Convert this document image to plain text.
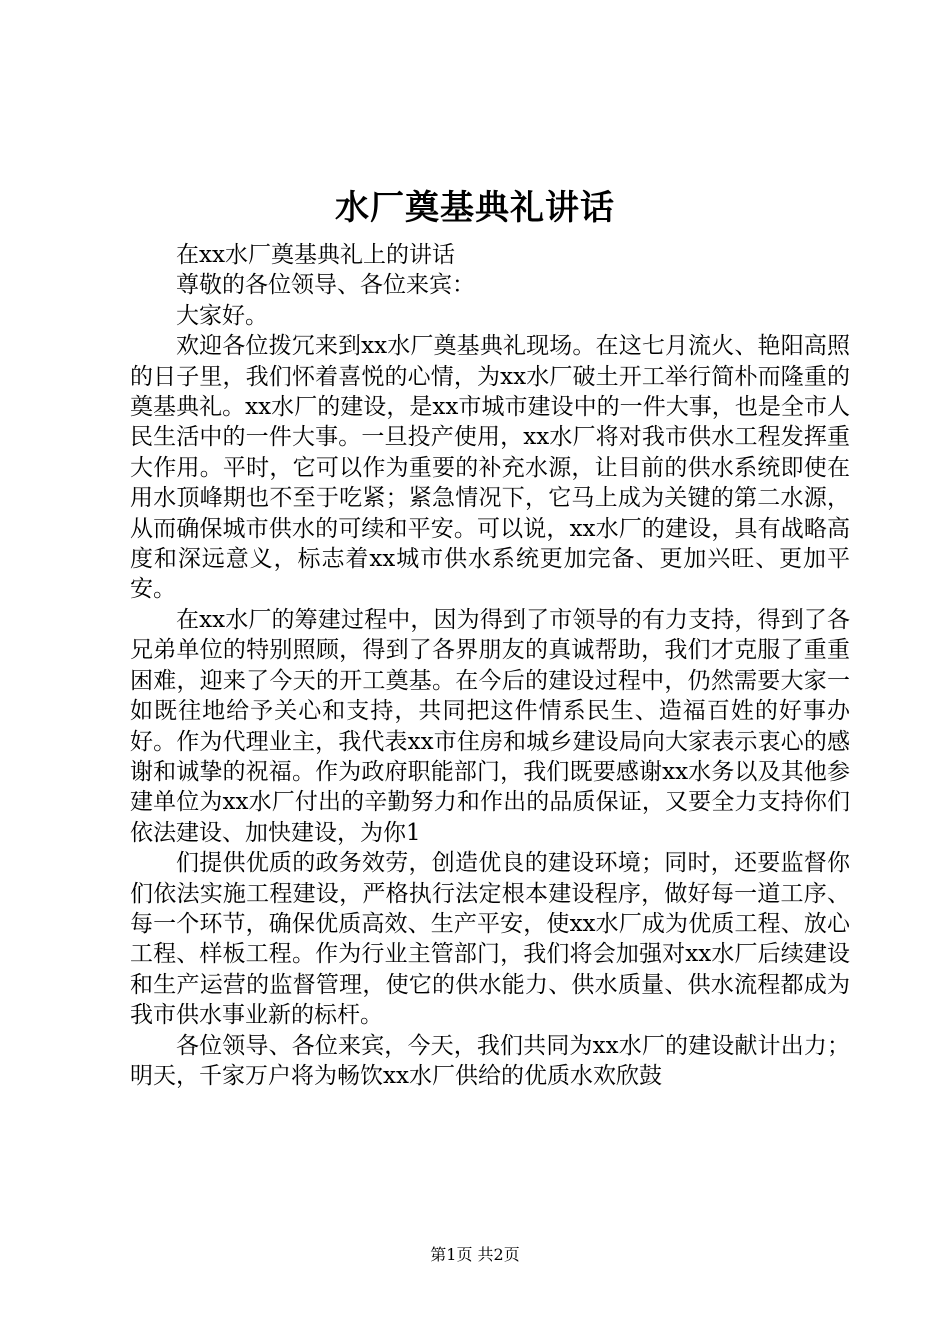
水厂奠基典礼讲话

在xx水厂奠基典礼上的讲话

尊敬的各位领导、各位来宾：

大家好。

欢迎各位拨冗来到xx水厂奠基典礼现场。在这七月流火、艳阳高照的日子里，我们怀着喜悦的心情，为xx水厂破土开工举行简朴而隆重的奠基典礼。xx水厂的建设，是xx市城市建设中的一件大事，也是全市人民生活中的一件大事。一旦投产使用，xx水厂将对我市供水工程发挥重大作用。平时，它可以作为重要的补充水源，让目前的供水系统即使在用水顶峰期也不至于吃紧；紧急情况下，它马上成为关键的第二水源，从而确保城市供水的可续和平安。可以说，xx水厂的建设，具有战略高度和深远意义，标志着xx城市供水系统更加完备、更加兴旺、更加平安。

在xx水厂的筹建过程中，因为得到了市领导的有力支持，得到了各兄弟单位的特别照顾，得到了各界朋友的真诚帮助，我们才克服了重重困难，迎来了今天的开工奠基。在今后的建设过程中，仍然需要大家一如既往地给予关心和支持，共同把这件情系民生、造福百姓的好事办好。作为代理业主，我代表xx市住房和城乡建设局向大家表示衷心的感谢和诚挚的祝福。作为政府职能部门，我们既要感谢xx水务以及其他参建单位为xx水厂付出的辛勤努力和作出的品质保证，又要全力支持你们依法建设、加快建设，为你1

们提供优质的政务效劳，创造优良的建设环境；同时，还要监督你们依法实施工程建设，严格执行法定根本建设程序，做好每一道工序、每一个环节，确保优质高效、生产平安，使xx水厂成为优质工程、放心工程、样板工程。作为行业主管部门，我们将会加强对xx水厂后续建设和生产运营的监督管理，使它的供水能力、供水质量、供水流程都成为我市供水事业新的标杆。

各位领导、各位来宾，今天，我们共同为xx水厂的建设献计出力；明天，千家万户将为畅饮xx水厂供给的优质水欢欣鼓

第1页 共2页
